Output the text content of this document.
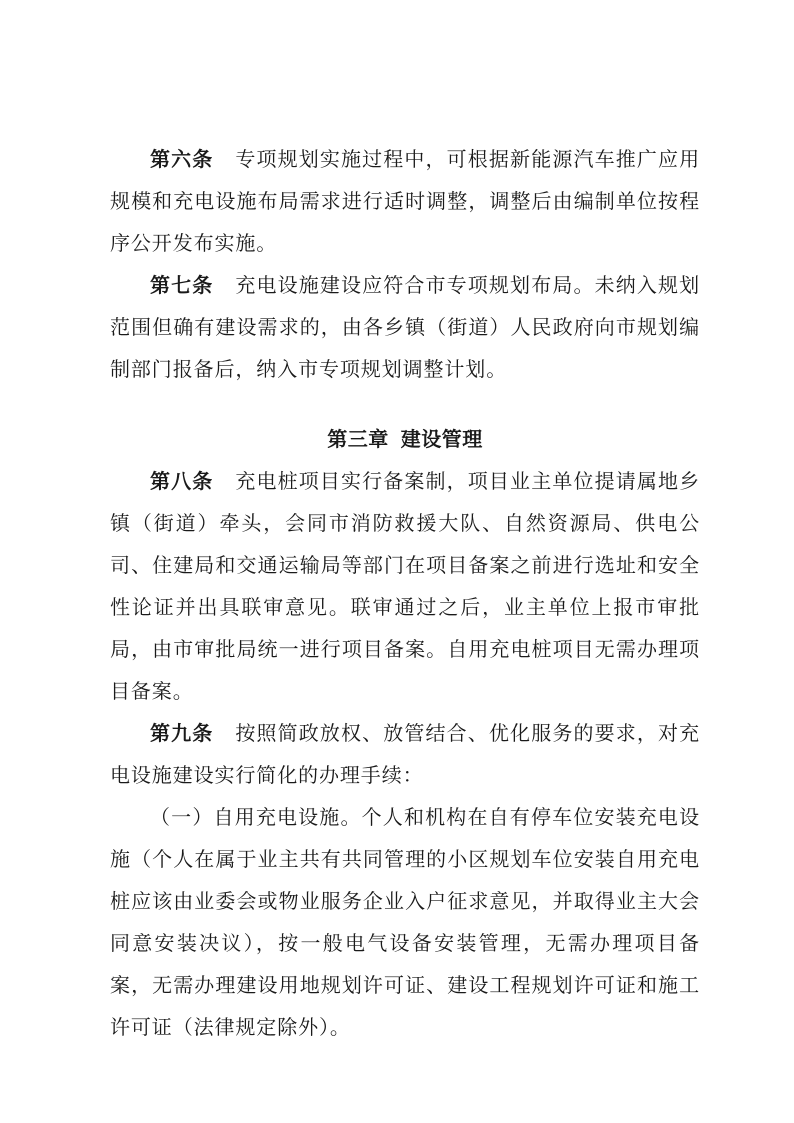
第六条 专项规划实施过程中，可根据新能源汽车推广应用规模和充电设施布局需求进行适时调整，调整后由编制单位按程序公开发布实施。

第七条 充电设施建设应符合市专项规划布局。未纳入规划范围但确有建设需求的，由各乡镇（街道）人民政府向市规划编制部门报备后，纳入市专项规划调整计划。

第三章 建设管理

第八条 充电桩项目实行备案制，项目业主单位提请属地乡镇（街道）牵头，会同市消防救援大队、自然资源局、供电公司、住建局和交通运输局等部门在项目备案之前进行选址和安全性论证并出具联审意见。联审通过之后，业主单位上报市审批局，由市审批局统一进行项目备案。自用充电桩项目无需办理项目备案。

第九条 按照简政放权、放管结合、优化服务的要求，对充电设施建设实行简化的办理手续：

（一）自用充电设施。个人和机构在自有停车位安装充电设施（个人在属于业主共有共同管理的小区规划车位安装自用充电桩应该由业委会或物业服务企业入户征求意见，并取得业主大会同意安装决议），按一般电气设备安装管理，无需办理项目备案，无需办理建设用地规划许可证、建设工程规划许可证和施工许可证（法律规定除外）。
